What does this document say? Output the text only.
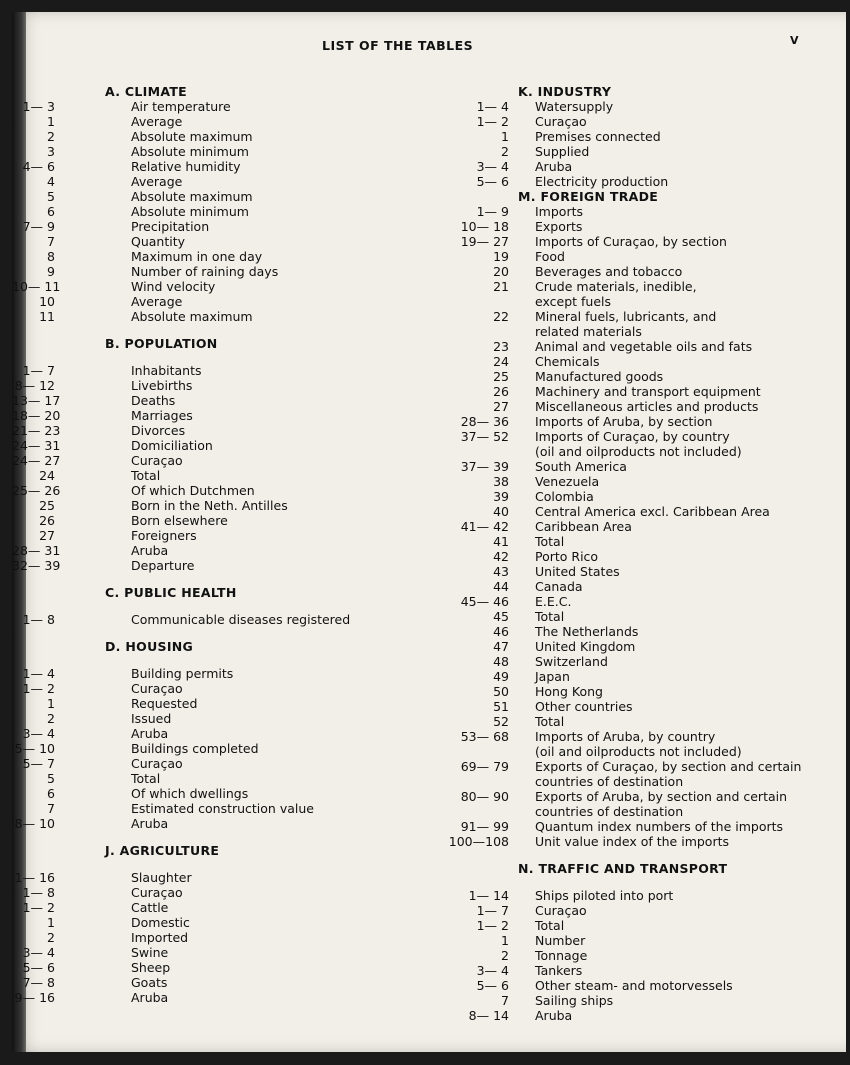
LIST OF THE TABLES	V
A. CLIMATE
1— 3	Air temperature
1	Average
2	Absolute maximum
3	Absolute minimum
4— 6	Relative humidity
4	Average
5	Absolute maximum
6	Absolute minimum
7— 9	Precipitation
7	Quantity
8	Maximum in one day
9	Number of raining days
10— 11	Wind velocity
10	Average
11	Absolute maximum
B. POPULATION
1— 7	Inhabitants
8— 12	Livebirths
13— 17	Deaths
18— 20	Marriages
21— 23	Divorces
24— 31	Domiciliation
24— 27	Curaçao
24	Total
25— 26	Of which Dutchmen
25	Born in the Neth. Antilles
26	Born elsewhere
27	Foreigners
28— 31	Aruba
32— 39	Departure
C. PUBLIC HEALTH
1— 8	Communicable diseases registered
D. HOUSING
1— 4	Building permits
1— 2	Curaçao
1	Requested
2	Issued
3— 4	Aruba
5— 10	Buildings completed
5— 7	Curaçao
5	Total
6	Of which dwellings
7	Estimated construction value
8— 10	Aruba
J. AGRICULTURE
1— 16	Slaughter
1— 8	Curaçao
1— 2	Cattle
1	Domestic
2	Imported
3— 4	Swine
5— 6	Sheep
7— 8	Goats
9— 16	Aruba
K. INDUSTRY
1— 4 Watersupply
1— 2 Curaçao
1 Premises connected
2 Supplied
3— 4 Aruba
5— 6 Electricity production
M. FOREIGN TRADE
1— 9 Imports
10— 18 Exports
19— 27 Imports of Curaçao, by section
19 Food
20 Beverages and tobacco
21 Crude materials, inedible,
except fuels
22 Mineral fuels, lubricants, and
related materials
23 Animal and vegetable oils and fats
24 Chemicals
25 Manufactured goods
26 Machinery and transport equipment
27 Miscellaneous articles and products
28— 36 Imports of Aruba, by section
37— 52 Imports of Curaçao, by country
(oil and oilproducts not included)
37— 39 South America
38 Venezuela
39 Colombia
40 Central America excl. Caribbean Area
41— 42 Caribbean Area
41 Total
42 Porto Rico
43 United States
44 Canada
45— 46 E.E.C.
45 Total
46 The Netherlands
47 United Kingdom
48 Switzerland
49 Japan
50 Hong Kong
51 Other countries
52 Total
53— 68 Imports of Aruba, by country
(oil and oilproducts not included)
69— 79 Exports of Curaçao, by section and certain
countries of destination
80— 90 Exports of Aruba, by section and certain
countries of destination
91— 99 Quantum index numbers of the imports
100—108 Unit value index of the imports
N. TRAFFIC AND TRANSPORT
1— 14 Ships piloted into port
1— 7 Curaçao
1— 2 Total
1 Number
2 Tonnage
3— 4 Tankers
5— 6 Other steam- and motorvessels
7 Sailing ships
8— 14 Aruba
